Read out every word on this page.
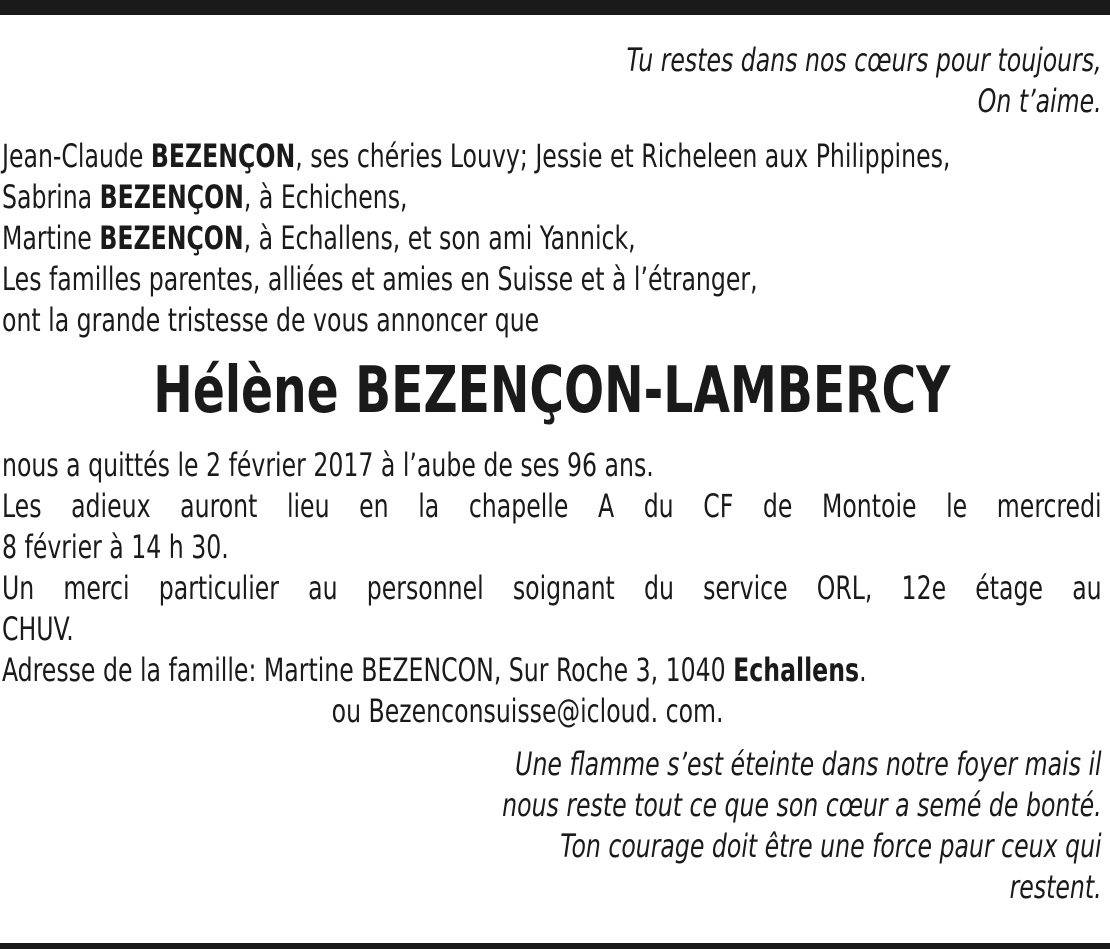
Tu restes dans nos cœurs pour toujours,
On t’aime.
Jean-Claude BEZENÇON, ses chéries Louvy; Jessie et Richeleen aux Philippines,
Sabrina BEZENÇON, à Echichens,
Martine BEZENÇON, à Echallens, et son ami Yannick,
Les familles parentes, alliées et amies en Suisse et à l’étranger,
ont la grande tristesse de vous annoncer que
Hélène BEZENÇON-LAMBERCY
nous a quittés le 2 février 2017 à l’aube de ses 96 ans.
Les adieux auront lieu en la chapelle A du CF de Montoie le mercredi
8 février à 14 h 30.
Un merci particulier au personnel soignant du service ORL, 12e étage au
CHUV.
Adresse de la famille: Martine BEZENCON, Sur Roche 3, 1040 Echallens.
ou Bezenconsuisse@icloud. com.
Une flamme s’est éteinte dans notre foyer mais il
nous reste tout ce que son cœur a semé de bonté.
Ton courage doit être une force paur ceux qui
restent.
